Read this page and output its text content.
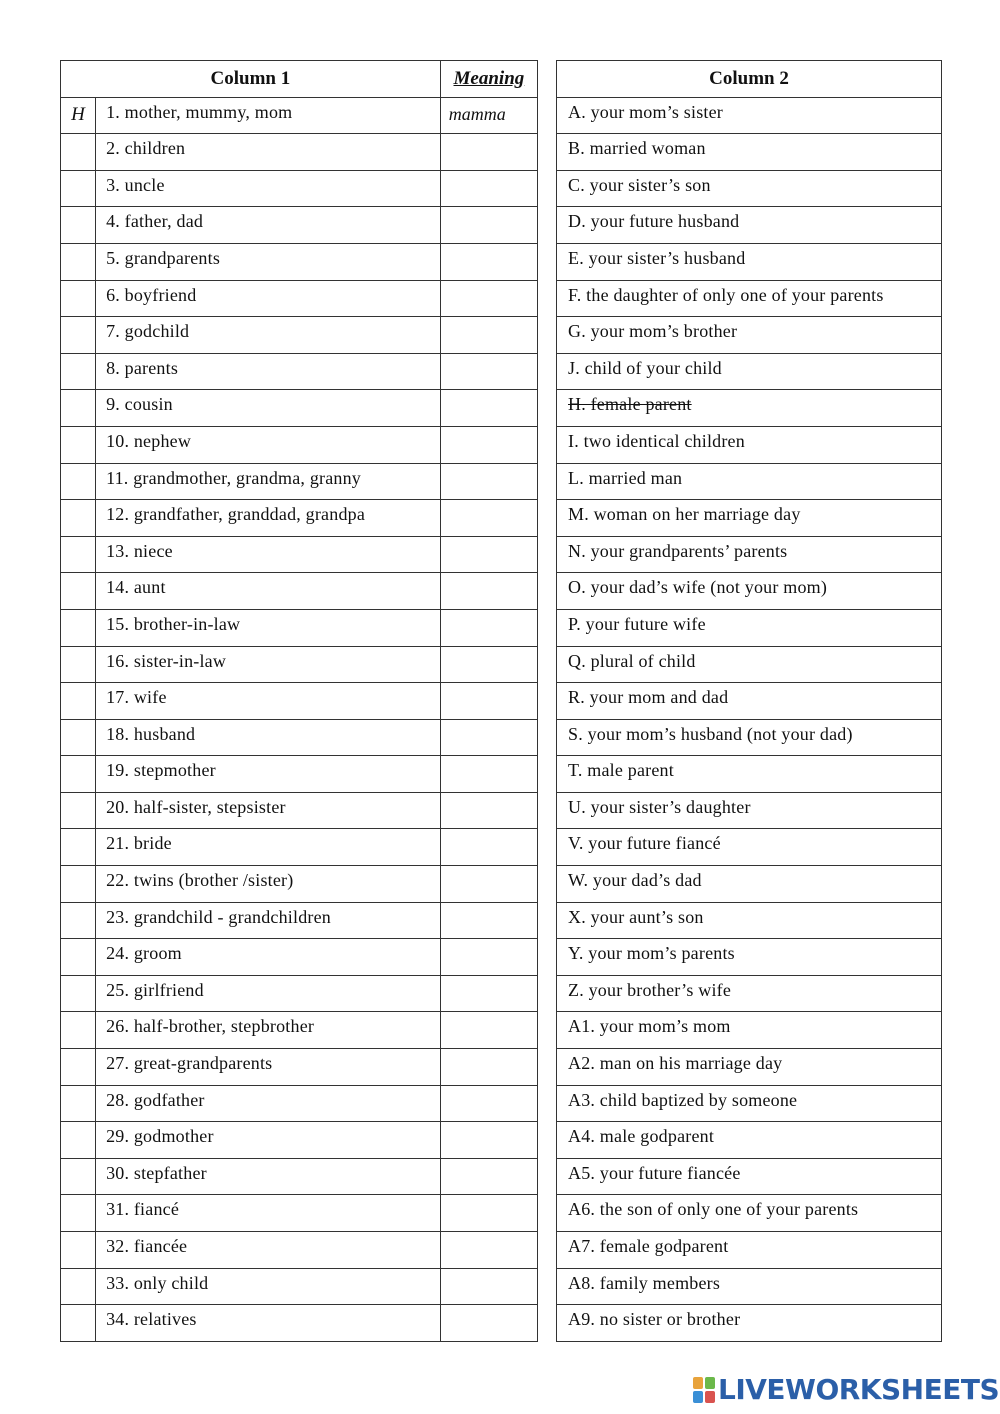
Column 1		Meaning
H	1. mother, mummy, mom	mamma
	2. children	
	3. uncle	
	4. father, dad	
	5. grandparents	
	6. boyfriend	
	7. godchild	
	8. parents	
	9. cousin	
	10. nephew	
	11. grandmother, grandma, granny	
	12. grandfather, granddad, grandpa	
	13. niece	
	14. aunt	
	15. brother-in-law	
	16. sister-in-law	
	17. wife	
	18. husband	
	19. stepmother	
	20. half-sister, stepsister	
	21. bride	
	22. twins (brother /sister)	
	23. grandchild - grandchildren	
	24. groom	
	25. girlfriend	
	26. half-brother, stepbrother	
	27. great-grandparents	
	28. godfather	
	29. godmother	
	30. stepfather	
	31. fiancé	
	32. fiancée	
	33. only child	
	34. relatives	
Column 2
A. your mom’s sister
B. married woman
C. your sister’s son
D. your future husband
E. your sister’s husband
F. the daughter of only one of your parents
G. your mom’s brother
J. child of your child
H. female parent
I. two identical children
L. married man
M. woman on her marriage day
N. your grandparents’ parents
O. your dad’s wife (not your mom)
P. your future wife
Q. plural of child
R. your mom and dad
S. your mom’s husband (not your dad)
T. male parent
U. your sister’s daughter
V. your future fiancé
W. your dad’s dad
X. your aunt’s son
Y. your mom’s parents
Z. your brother’s wife
A1. your mom’s mom
A2. man on his marriage day
A3. child baptized by someone
A4. male godparent
A5. your future fiancée
A6. the son of only one of your parents
A7. female godparent
A8. family members
A9. no sister or brother
LIVEWORKSHEETS
